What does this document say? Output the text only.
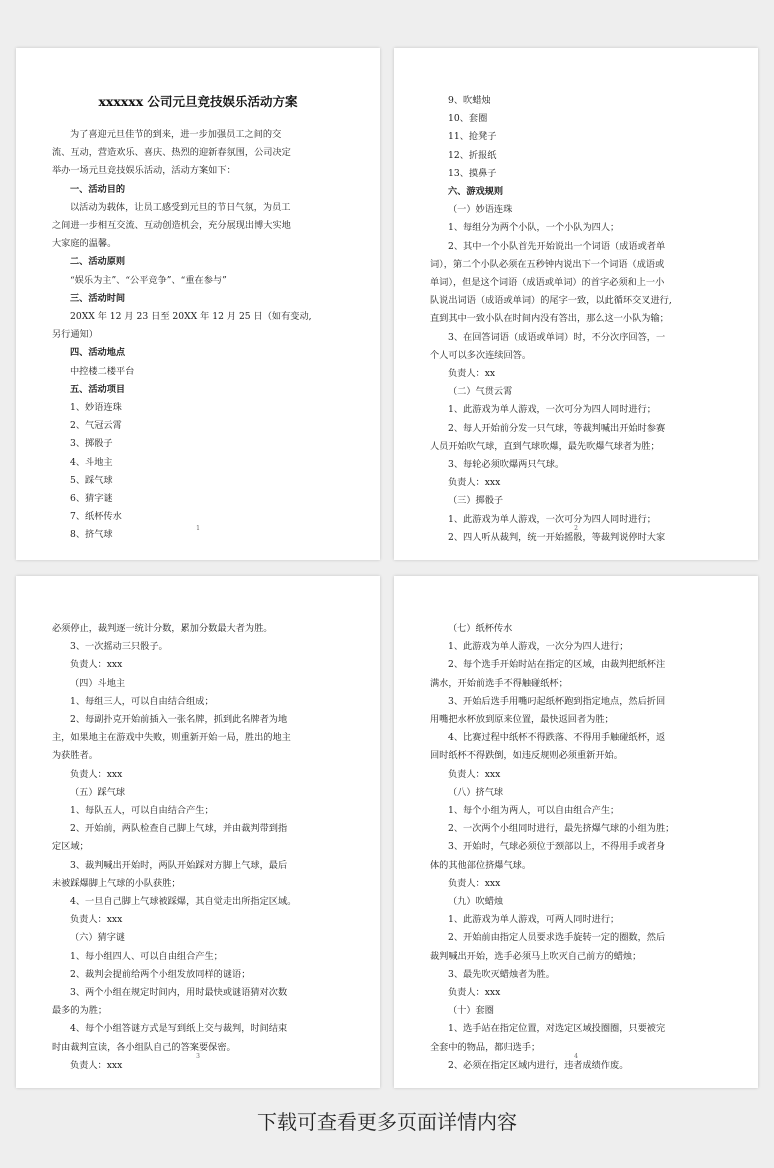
xxxxxx 公司元旦竞技娱乐活动方案

为了喜迎元旦佳节的到来，进一步加强员工之间的交

流、互动，营造欢乐、喜庆、热烈的迎新春氛围，公司决定

举办一场元旦竞技娱乐活动，活动方案如下：

一、活动目的

以活动为载体，让员工感受到元旦的节日气氛，为员工

之间进一步相互交流、互动创造机会，充分展现出博大实地

大家庭的温馨。

二、活动原则

“娱乐为主”、“公平竞争”、“重在参与”

三、活动时间

20XX 年 12 月 23 日至 20XX 年 12 月 25 日（如有变动,

另行通知）

四、活动地点

中控楼二楼平台

五、活动项目

1、妙语连珠

2、气冠云霄

3、掷骰子

4、斗地主

5、踩气球

6、猜字谜

7、纸杯传水

8、挤气球

1

9、吹蜡烛

10、套圈

11、抢凳子

12、折报纸

13、摸鼻子

六、游戏规则

（一）妙语连珠

1、每组分为两个小队，一个小队为四人；

2、其中一个小队首先开始说出一个词语（成语或者单

词），第二个小队必须在五秒钟内说出下一个词语（成语或

单词），但是这个词语（成语或单词）的首字必须和上一小

队说出词语（成语或单词）的尾字一致，以此循环交叉进行,

直到其中一致小队在时间内没有答出，那么这一小队为输；

3、在回答词语（成语或单词）时，不分次序回答，一

个人可以多次连续回答。

负责人：xx

（二）气贯云霄

1、此游戏为单人游戏，一次可分为四人同时进行；

2、每人开始前分发一只气球，等裁判喊出开始时参赛

人员开始吹气球，直到气球吹爆，最先吹爆气球者为胜；

3、每轮必须吹爆两只气球。

负责人：xxx

（三）掷骰子

1、此游戏为单人游戏，一次可分为四人同时进行；

2、四人听从裁判，统一开始摇骰，等裁判说停时大家

2

必须停止，裁判逐一统计分数，累加分数最大者为胜。

3、一次摇动三只骰子。

负责人：xxx

（四）斗地主

1、每组三人，可以自由结合组成；

2、每副扑克开始前插入一张名牌，抓到此名牌者为地

主，如果地主在游戏中失败，则重新开始一局，胜出的地主

为获胜者。

负责人：xxx

（五）踩气球

1、每队五人，可以自由结合产生；

2、开始前，两队检查自己脚上气球，并由裁判带到指

定区域；

3、裁判喊出开始时，两队开始踩对方脚上气球，最后

未被踩爆脚上气球的小队获胜；

4、一旦自己脚上气球被踩爆，其自觉走出所指定区域。

负责人：xxx

（六）猜字谜

1、每小组四人、可以自由组合产生；

2、裁判会提前给两个小组发放同样的谜语；

3、两个小组在规定时间内，用时最快或谜语猜对次数

最多的为胜；

4、每个小组答谜方式是写到纸上交与裁判，时间结束

时由裁判宣读，各小组队自己的答案要保密。

负责人：xxx

3

（七）纸杯传水

1、此游戏为单人游戏，一次分为四人进行；

2、每个选手开始时站在指定的区域，由裁判把纸杯注

满水，开始前选手不得触碰纸杯；

3、开始后选手用嘴叼起纸杯跑到指定地点，然后折回

用嘴把水杯放到原来位置，最快返回者为胜；

4、比赛过程中纸杯不得跌落、不得用手触碰纸杯，返

回时纸杯不得跌倒，如违反规则必须重新开始。

负责人：xxx

（八）挤气球

1、每个小组为两人，可以自由组合产生；

2、一次两个小组同时进行，最先挤爆气球的小组为胜；

3、开始时，气球必须位于颈部以上，不得用手或者身

体的其他部位挤爆气球。

负责人：xxx

（九）吹蜡烛

1、此游戏为单人游戏，可两人同时进行；

2、开始前由指定人员要求选手旋转一定的圈数，然后

裁判喊出开始，选手必须马上吹灭自己前方的蜡烛；

3、最先吹灭蜡烛者为胜。

负责人：xxx

（十）套圈

1、选手站在指定位置，对选定区域投圈圈，只要被完

全套中的物品，都归选手；

2、必须在指定区域内进行，违者成绩作废。

4
下载可查看更多页面详情内容
